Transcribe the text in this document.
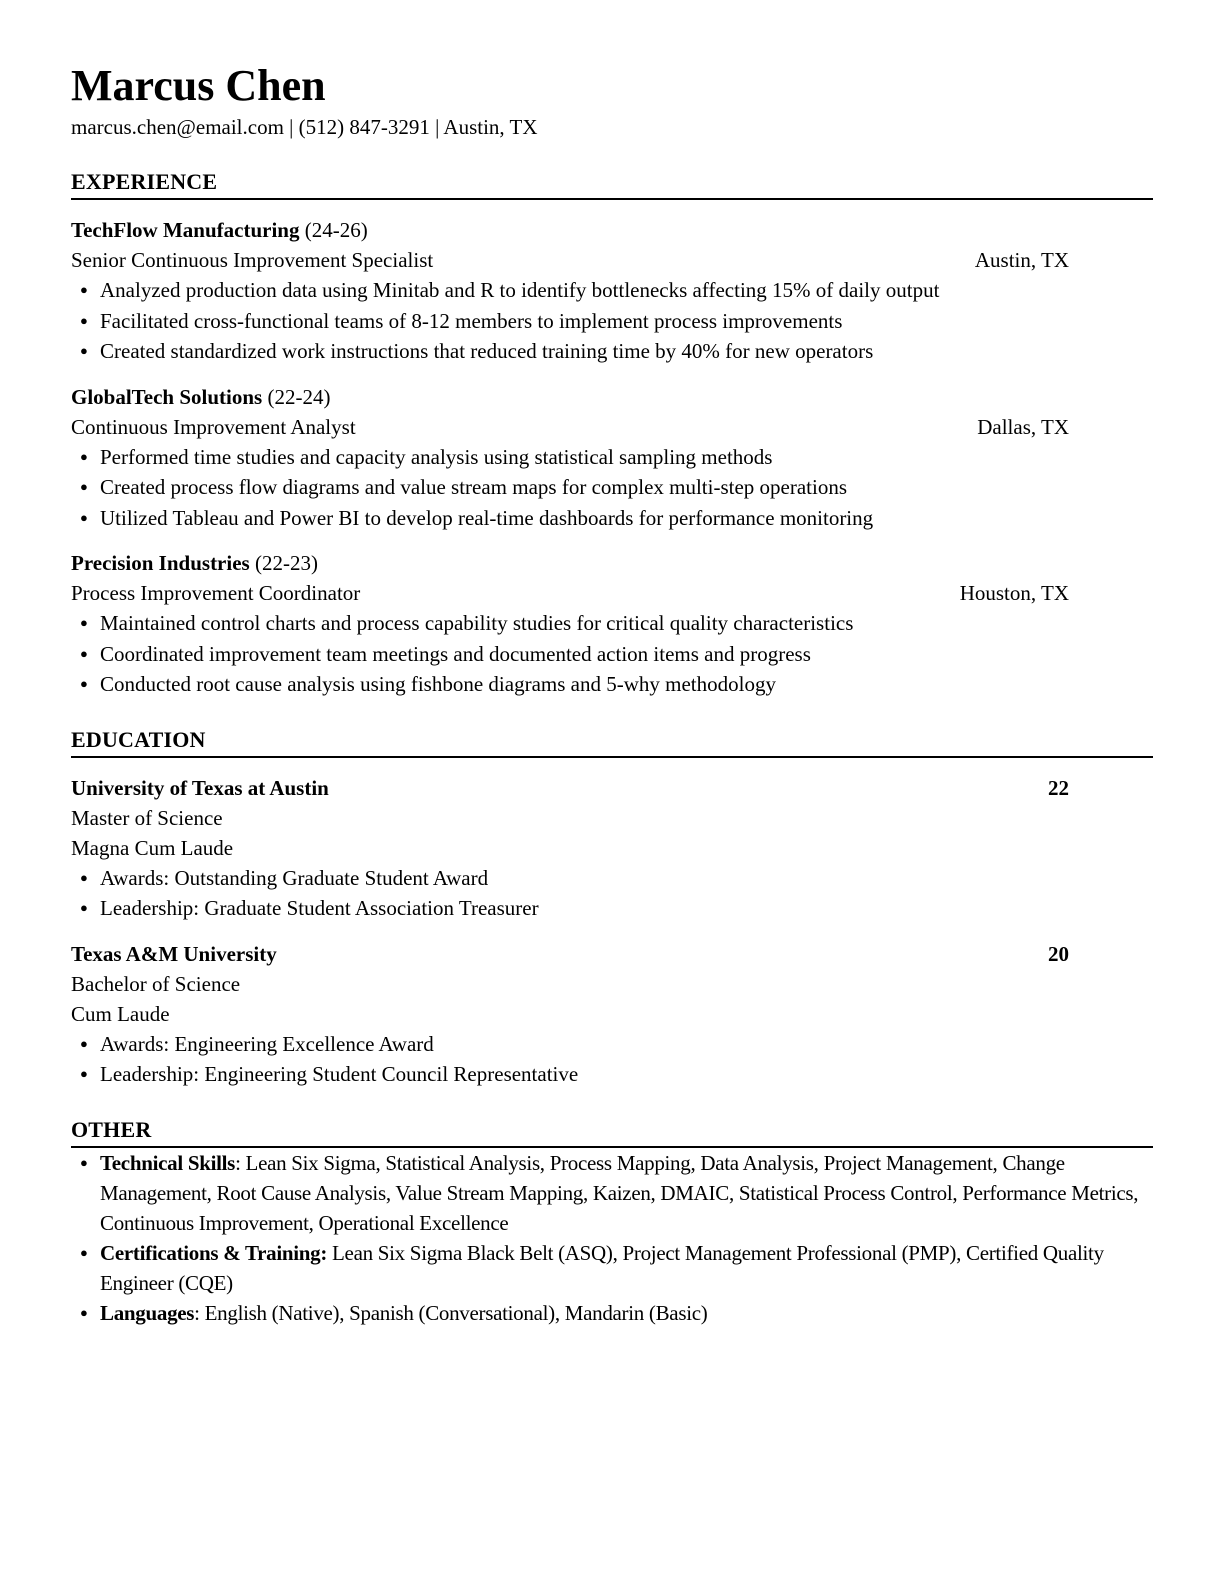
Marcus Chen
marcus.chen@email.com | (512) 847-3291 | Austin, TX
EXPERIENCE
TechFlow Manufacturing (24-26)
Senior Continuous Improvement Specialist	Austin, TX
● Analyzed production data using Minitab and R to identify bottlenecks affecting 15% of daily output
● Facilitated cross-functional teams of 8-12 members to implement process improvements
● Created standardized work instructions that reduced training time by 40% for new operators
GlobalTech Solutions (22-24)
Continuous Improvement Analyst	Dallas, TX
● Performed time studies and capacity analysis using statistical sampling methods
● Created process flow diagrams and value stream maps for complex multi-step operations
● Utilized Tableau and Power BI to develop real-time dashboards for performance monitoring
Precision Industries (22-23)
Process Improvement Coordinator	Houston, TX
● Maintained control charts and process capability studies for critical quality characteristics
● Coordinated improvement team meetings and documented action items and progress
● Conducted root cause analysis using fishbone diagrams and 5-why methodology
EDUCATION
University of Texas at Austin	22
Master of Science
Magna Cum Laude
● Awards: Outstanding Graduate Student Award
● Leadership: Graduate Student Association Treasurer
Texas A&M University	20
Bachelor of Science
Cum Laude
● Awards: Engineering Excellence Award
● Leadership: Engineering Student Council Representative
OTHER
● Technical Skills: Lean Six Sigma, Statistical Analysis, Process Mapping, Data Analysis, Project Management, Change Management, Root Cause Analysis, Value Stream Mapping, Kaizen, DMAIC, Statistical Process Control, Performance Metrics, Continuous Improvement, Operational Excellence
● Certifications & Training: Lean Six Sigma Black Belt (ASQ), Project Management Professional (PMP), Certified Quality Engineer (CQE)
● Languages: English (Native), Spanish (Conversational), Mandarin (Basic)
